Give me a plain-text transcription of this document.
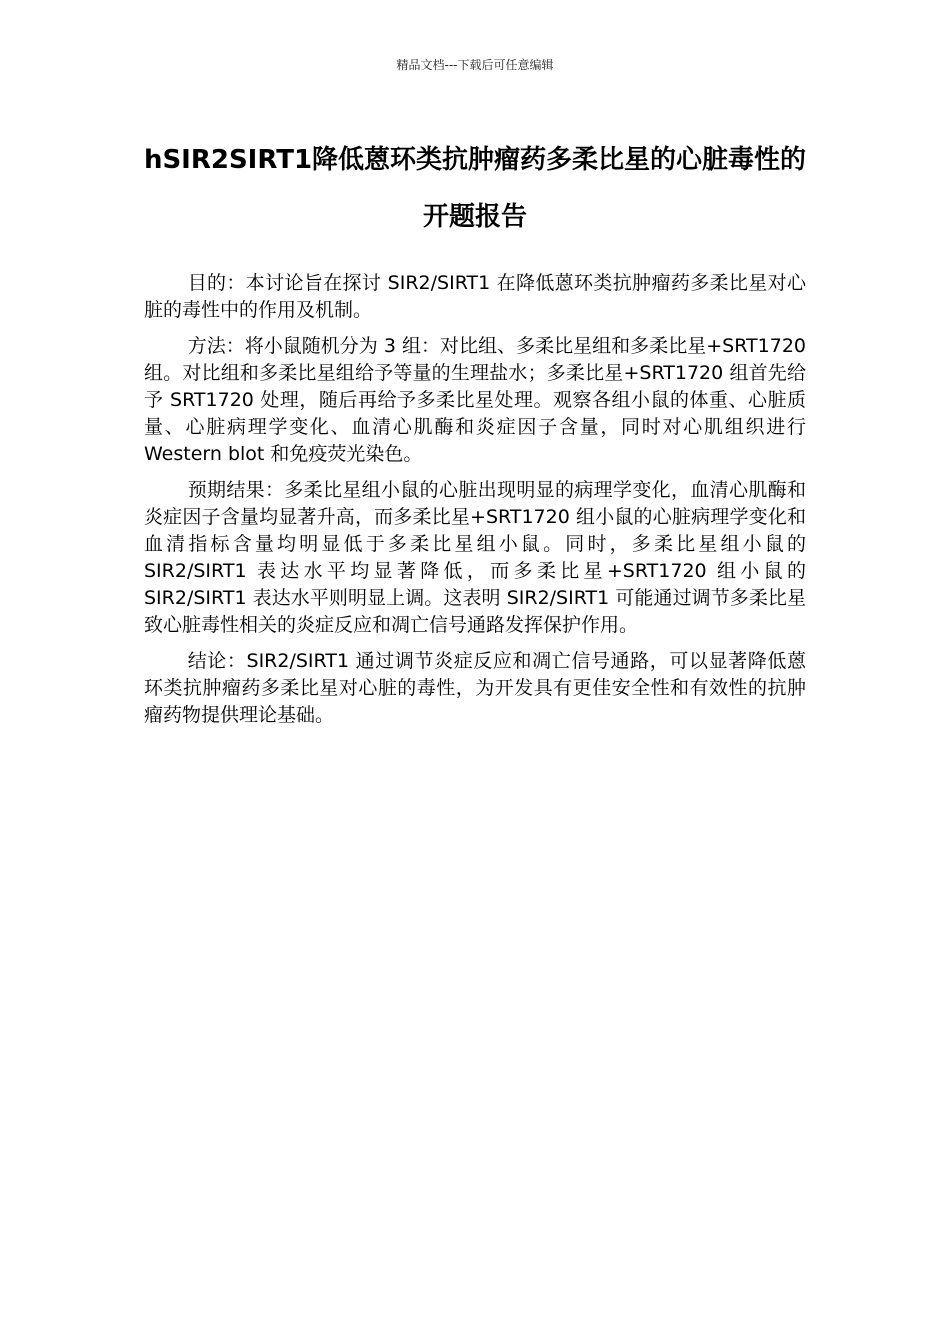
精品文档---下载后可任意编辑
hSIR2SIRT1降低蒽环类抗肿瘤药多柔比星的心脏毒性的开题报告

目的：本讨论旨在探讨 SIR2/SIRT1 在降低蒽环类抗肿瘤药多柔比星对心脏的毒性中的作用及机制。

方法：将小鼠随机分为 3 组：对比组、多柔比星组和多柔比星+SRT1720 组。对比组和多柔比星组给予等量的生理盐水；多柔比星+SRT1720 组首先给予 SRT1720 处理，随后再给予多柔比星处理。观察各组小鼠的体重、心脏质量、心脏病理学变化、血清心肌酶和炎症因子含量，同时对心肌组织进行 Western blot 和免疫荧光染色。

预期结果：多柔比星组小鼠的心脏出现明显的病理学变化，血清心肌酶和炎症因子含量均显著升高，而多柔比星+SRT1720 组小鼠的心脏病理学变化和血清指标含量均明显低于多柔比星组小鼠。同时，多柔比星组小鼠的 SIR2/SIRT1 表达水平均显著降低，而多柔比星+SRT1720 组小鼠的 SIR2/SIRT1 表达水平则明显上调。这表明 SIR2/SIRT1 可能通过调节多柔比星致心脏毒性相关的炎症反应和凋亡信号通路发挥保护作用。

结论：SIR2/SIRT1 通过调节炎症反应和凋亡信号通路，可以显著降低蒽环类抗肿瘤药多柔比星对心脏的毒性，为开发具有更佳安全性和有效性的抗肿瘤药物提供理论基础。
